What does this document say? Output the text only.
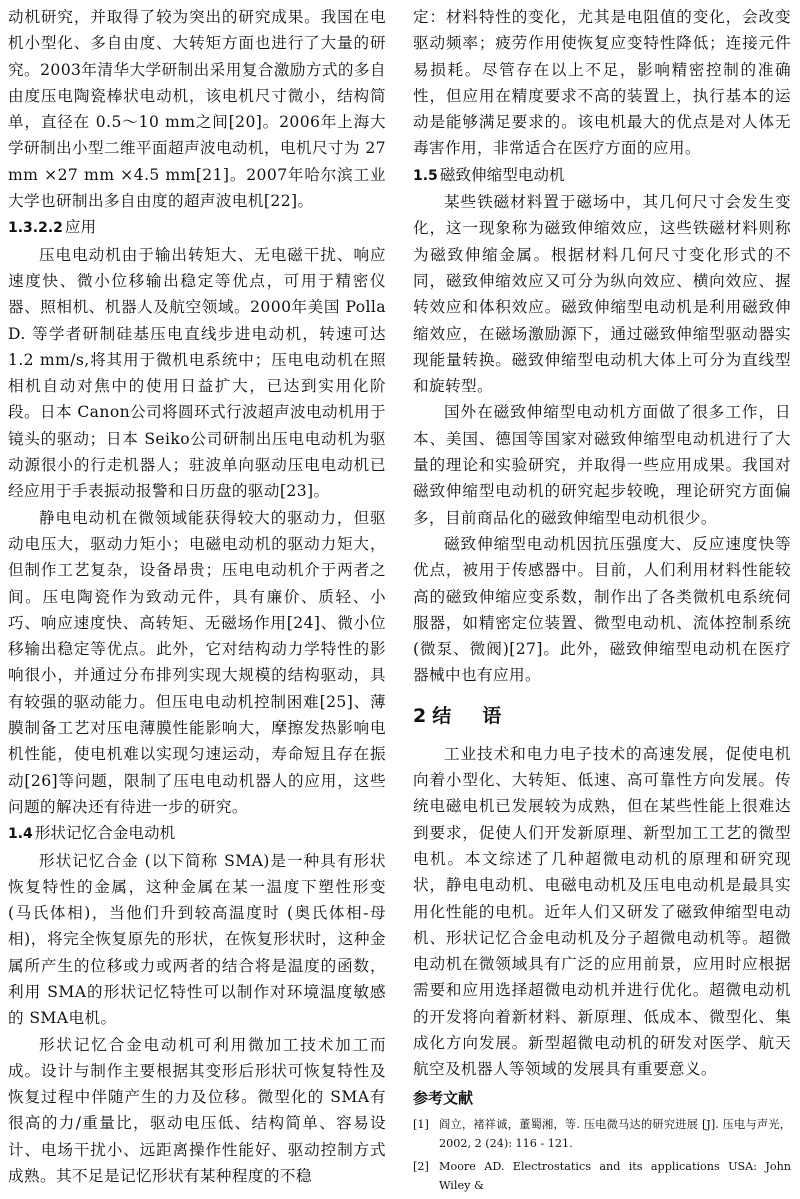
动机研究，并取得了较为突出的研究成果。我国在电机小型化、多自由度、大转矩方面也进行了大量的研究。2003年清华大学研制出采用复合激励方式的多自由度压电陶瓷棒状电动机，该电机尺寸微小，结构简单，直径在 0.5～10 mm之间[20]。2006年上海大学研制出小型二维平面超声波电动机，电机尺寸为 27 mm ×27 mm ×4.5 mm[21]。2007年哈尔滨工业大学也研制出多自由度的超声波电机[22]。

1.3.2.2 应用

压电电动机由于输出转矩大、无电磁干扰、响应速度快、微小位移输出稳定等优点，可用于精密仪器、照相机、机器人及航空领域。2000年美国 Polla D. 等学者研制硅基压电直线步进电动机，转速可达 1.2 mm/s,将其用于微机电系统中；压电电动机在照相机自动对焦中的使用日益扩大，已达到实用化阶段。日本 Canon公司将圆环式行波超声波电动机用于镜头的驱动；日本 Seiko公司研制出压电电动机为驱动源很小的行走机器人；驻波单向驱动压电电动机已经应用于手表振动报警和日历盘的驱动[23]。

静电电动机在微领域能获得较大的驱动力，但驱动电压大，驱动力矩小；电磁电动机的驱动力矩大，但制作工艺复杂，设备昂贵；压电电动机介于两者之间。压电陶瓷作为致动元件，具有廉价、质轻、小巧、响应速度快、高转矩、无磁场作用[24]、微小位移输出稳定等优点。此外，它对结构动力学特性的影响很小，并通过分布排列实现大规模的结构驱动，具有较强的驱动能力。但压电电动机控制困难[25]、薄膜制备工艺对压电薄膜性能影响大，摩擦发热影响电机性能，使电机难以实现匀速运动，寿命短且存在振动[26]等问题，限制了压电电动机器人的应用，这些问题的解决还有待进一步的研究。

1.4 形状记忆合金电动机

形状记忆合金 (以下简称 SMA)是一种具有形状恢复特性的金属，这种金属在某一温度下塑性形变 (马氏体相)，当他们升到较高温度时 (奥氏体相-母相)，将完全恢复原先的形状，在恢复形状时，这种金属所产生的位移或力或两者的结合将是温度的函数，利用 SMA的形状记忆特性可以制作对环境温度敏感的 SMA电机。

形状记忆合金电动机可利用微加工技术加工而成。设计与制作主要根据其变形后形状可恢复特性及恢复过程中伴随产生的力及位移。微型化的 SMA有很高的力/重量比，驱动电压低、结构简单、容易设计、电场干扰小、远距离操作性能好、驱动控制方式成熟。其不足是记忆形状有某种程度的不稳

定：材料特性的变化，尤其是电阻值的变化，会改变驱动频率；疲劳作用使恢复应变特性降低；连接元件易损耗。尽管存在以上不足，影响精密控制的准确性，但应用在精度要求不高的装置上，执行基本的运动是能够满足要求的。该电机最大的优点是对人体无毒害作用，非常适合在医疗方面的应用。

1.5 磁致伸缩型电动机

某些铁磁材料置于磁场中，其几何尺寸会发生变化，这一现象称为磁致伸缩效应，这些铁磁材料则称为磁致伸缩金属。根据材料几何尺寸变化形式的不同，磁致伸缩效应又可分为纵向效应、横向效应、握转效应和体积效应。磁致伸缩型电动机是利用磁致伸缩效应，在磁场激励源下，通过磁致伸缩型驱动器实现能量转换。磁致伸缩型电动机大体上可分为直线型和旋转型。

国外在磁致伸缩型电动机方面做了很多工作，日本、美国、德国等国家对磁致伸缩型电动机进行了大量的理论和实验研究，并取得一些应用成果。我国对磁致伸缩型电动机的研究起步较晚，理论研究方面偏多，目前商品化的磁致伸缩型电动机很少。

磁致伸缩型电动机因抗压强度大、反应速度快等优点，被用于传感器中。目前，人们利用材料性能较高的磁致伸缩应变系数，制作出了各类微机电系统伺服器，如精密定位装置、微型电动机、流体控制系统 (微泵、微阀)[27]。此外，磁致伸缩型电动机在医疗器械中也有应用。

2结　语

工业技术和电力电子技术的高速发展，促使电机向着小型化、大转矩、低速、高可靠性方向发展。传统电磁电机已发展较为成熟，但在某些性能上很难达到要求，促使人们开发新原理、新型加工工艺的微型电机。本文综述了几种超微电动机的原理和研究现状，静电电动机、电磁电动机及压电电动机是最具实用化性能的电机。近年人们又研发了磁致伸缩型电动机、形状记忆合金电动机及分子超微电动机等。超微电动机在微领域具有广泛的应用前景，应用时应根据需要和应用选择超微电动机并进行优化。超微电动机的开发将向着新材料、新原理、低成本、微型化、集成化方向发展。新型超微电动机的研发对医学、航天航空及机器人等领域的发展具有重要意义。

参考文献

[1] 阎立，褚祥诚，董蜀湘，等. 压电微马达的研究进展 [J]. 压电与声光，2002, 2 (24): 116 - 121.
[2] Moore AD. Electrostatics and its applications USA: John Wiley &
